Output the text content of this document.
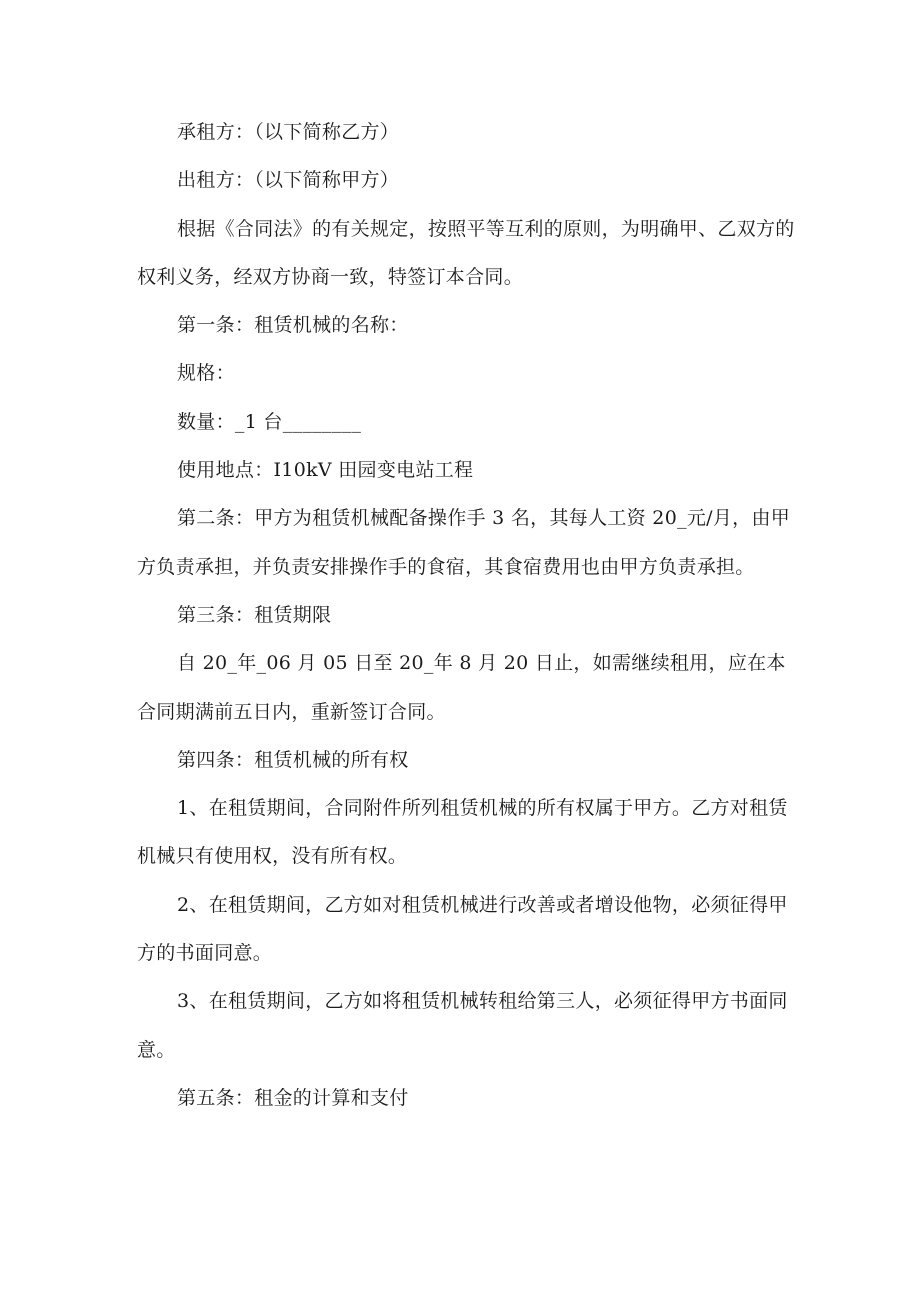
承租方：（以下简称乙方）

出租方：（以下简称甲方）

根据《合同法》的有关规定，按照平等互利的原则，为明确甲、乙双方的权利义务，经双方协商一致，特签订本合同。

第一条：租赁机械的名称：

规格：

数量：_1 台________

使用地点：I10kV 田园变电站工程

第二条：甲方为租赁机械配备操作手 3 名，其每人工资 20_元/月，由甲方负责承担，并负责安排操作手的食宿，其食宿费用也由甲方负责承担。

第三条：租赁期限

自 20_年_06 月 05 日至 20_年 8 月 20 日止，如需继续租用，应在本合同期满前五日内，重新签订合同。

第四条：租赁机械的所有权

1、在租赁期间，合同附件所列租赁机械的所有权属于甲方。乙方对租赁机械只有使用权，没有所有权。

2、在租赁期间，乙方如对租赁机械进行改善或者增设他物，必须征得甲方的书面同意。

3、在租赁期间，乙方如将租赁机械转租给第三人，必须征得甲方书面同意。

第五条：租金的计算和支付
